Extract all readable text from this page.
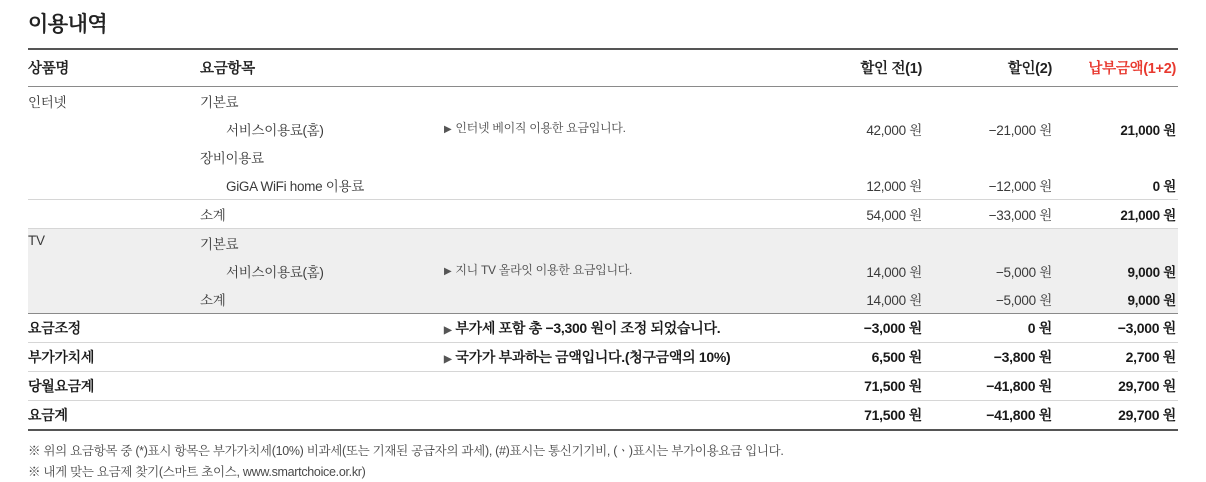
이용내역
상품명	요금항목		할인 전(1)	할인(2)	납부금액(1+2)
인터넷	기본료				
	서비스이용료(홈)	▶ 인터넷 베이직 이용한 요금입니다.	42,000 원	−21,000 원	21,000 원
	장비이용료				
	GiGA WiFi home 이용료		12,000 원	−12,000 원	0 원
	소계		54,000 원	−33,000 원	21,000 원
TV	기본료				
	서비스이용료(홈)	▶ 지니 TV 올라잇 이용한 요금입니다.	14,000 원	−5,000 원	9,000 원
	소계		14,000 원	−5,000 원	9,000 원
요금조정		▶ 부가세 포함 총 −3,300 원이 조정 되었습니다.	−3,000 원	0 원	−3,000 원
부가가치세		▶ 국가가 부과하는 금액입니다.(청구금액의 10%)	6,500 원	−3,800 원	2,700 원
당월요금계			71,500 원	−41,800 원	29,700 원
요금계			71,500 원	−41,800 원	29,700 원
※ 위의 요금항목 중 (*)표시 항목은 부가가치세(10%) 비과세(또는 기재된 공급자의 과세), (#)표시는 통신기기비, (ㆍ)표시는 부가이용요금 입니다.
※ 내게 맞는 요금제 찾기(스마트 초이스, www.smartchoice.or.kr)
